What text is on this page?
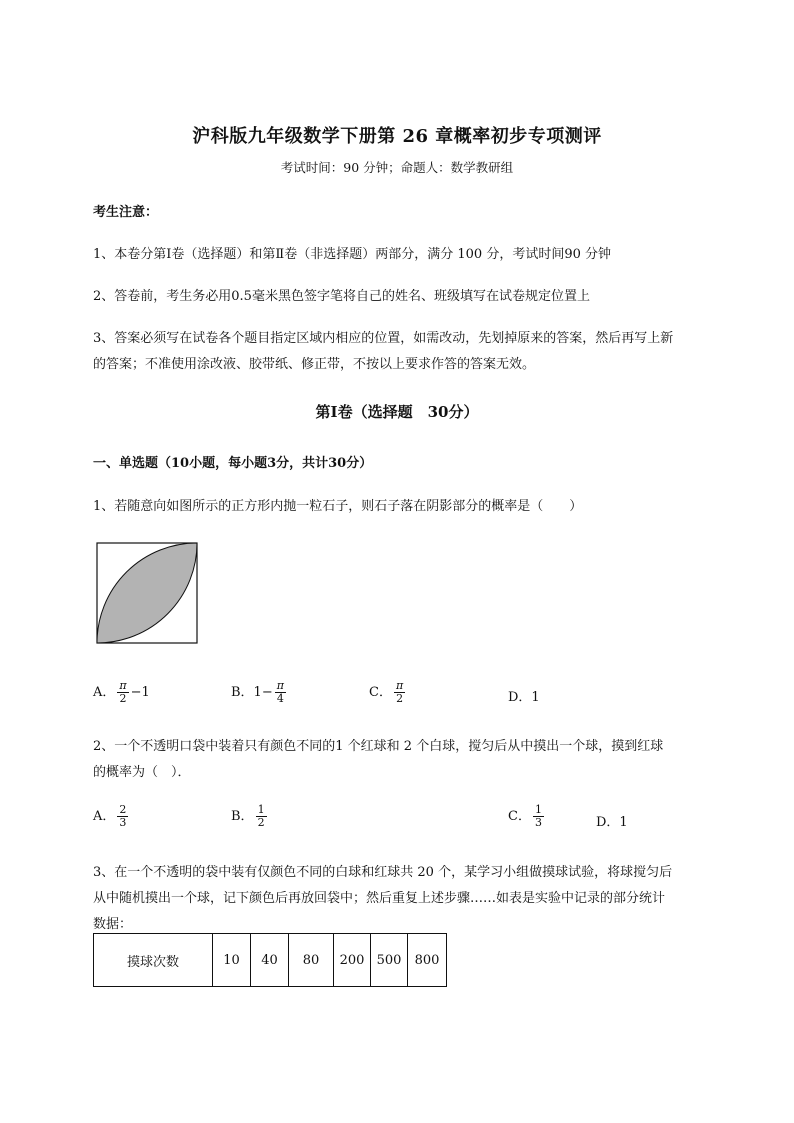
沪科版九年级数学下册第 26 章概率初步专项测评
考试时间：90 分钟；命题人：数学教研组
考生注意：
1、本卷分第Ⅰ卷（选择题）和第Ⅱ卷（非选择题）两部分，满分 100 分，考试时间90 分钟
2、答卷前，考生务必用0.5毫米黑色签字笔将自己的姓名、班级填写在试卷规定位置上
3、答案必须写在试卷各个题目指定区域内相应的位置，如需改动，先划掉原来的答案，然后再写上新
的答案；不准使用涂改液、胶带纸、修正带，不按以上要求作答的答案无效。
第Ⅰ卷（选择题　30分）
一、单选题（10小题，每小题3分，共计30分）
1、若随意向如图所示的正方形内抛一粒石子，则石子落在阴影部分的概率是（　　）
A． $\frac{\pi}{2} -1$	B．$1- \frac{\pi}{4}$	C． $\frac{\pi}{2}$	D．1
2、一个不透明口袋中装着只有颜色不同的1 个红球和 2 个白球，搅匀后从中摸出一个球，摸到红球
的概率为（　）．
A． $\frac{2}{3}$	B． $\frac{1}{2}$	C． $\frac{1}{3}$	D．1
3、在一个不透明的袋中装有仅颜色不同的白球和红球共 20 个，某学习小组做摸球试验，将球搅匀后
从中随机摸出一个球，记下颜色后再放回袋中；然后重复上述步骤……如表是实验中记录的部分统计
数据：
摸球次数	10	40	80	200	500	800
